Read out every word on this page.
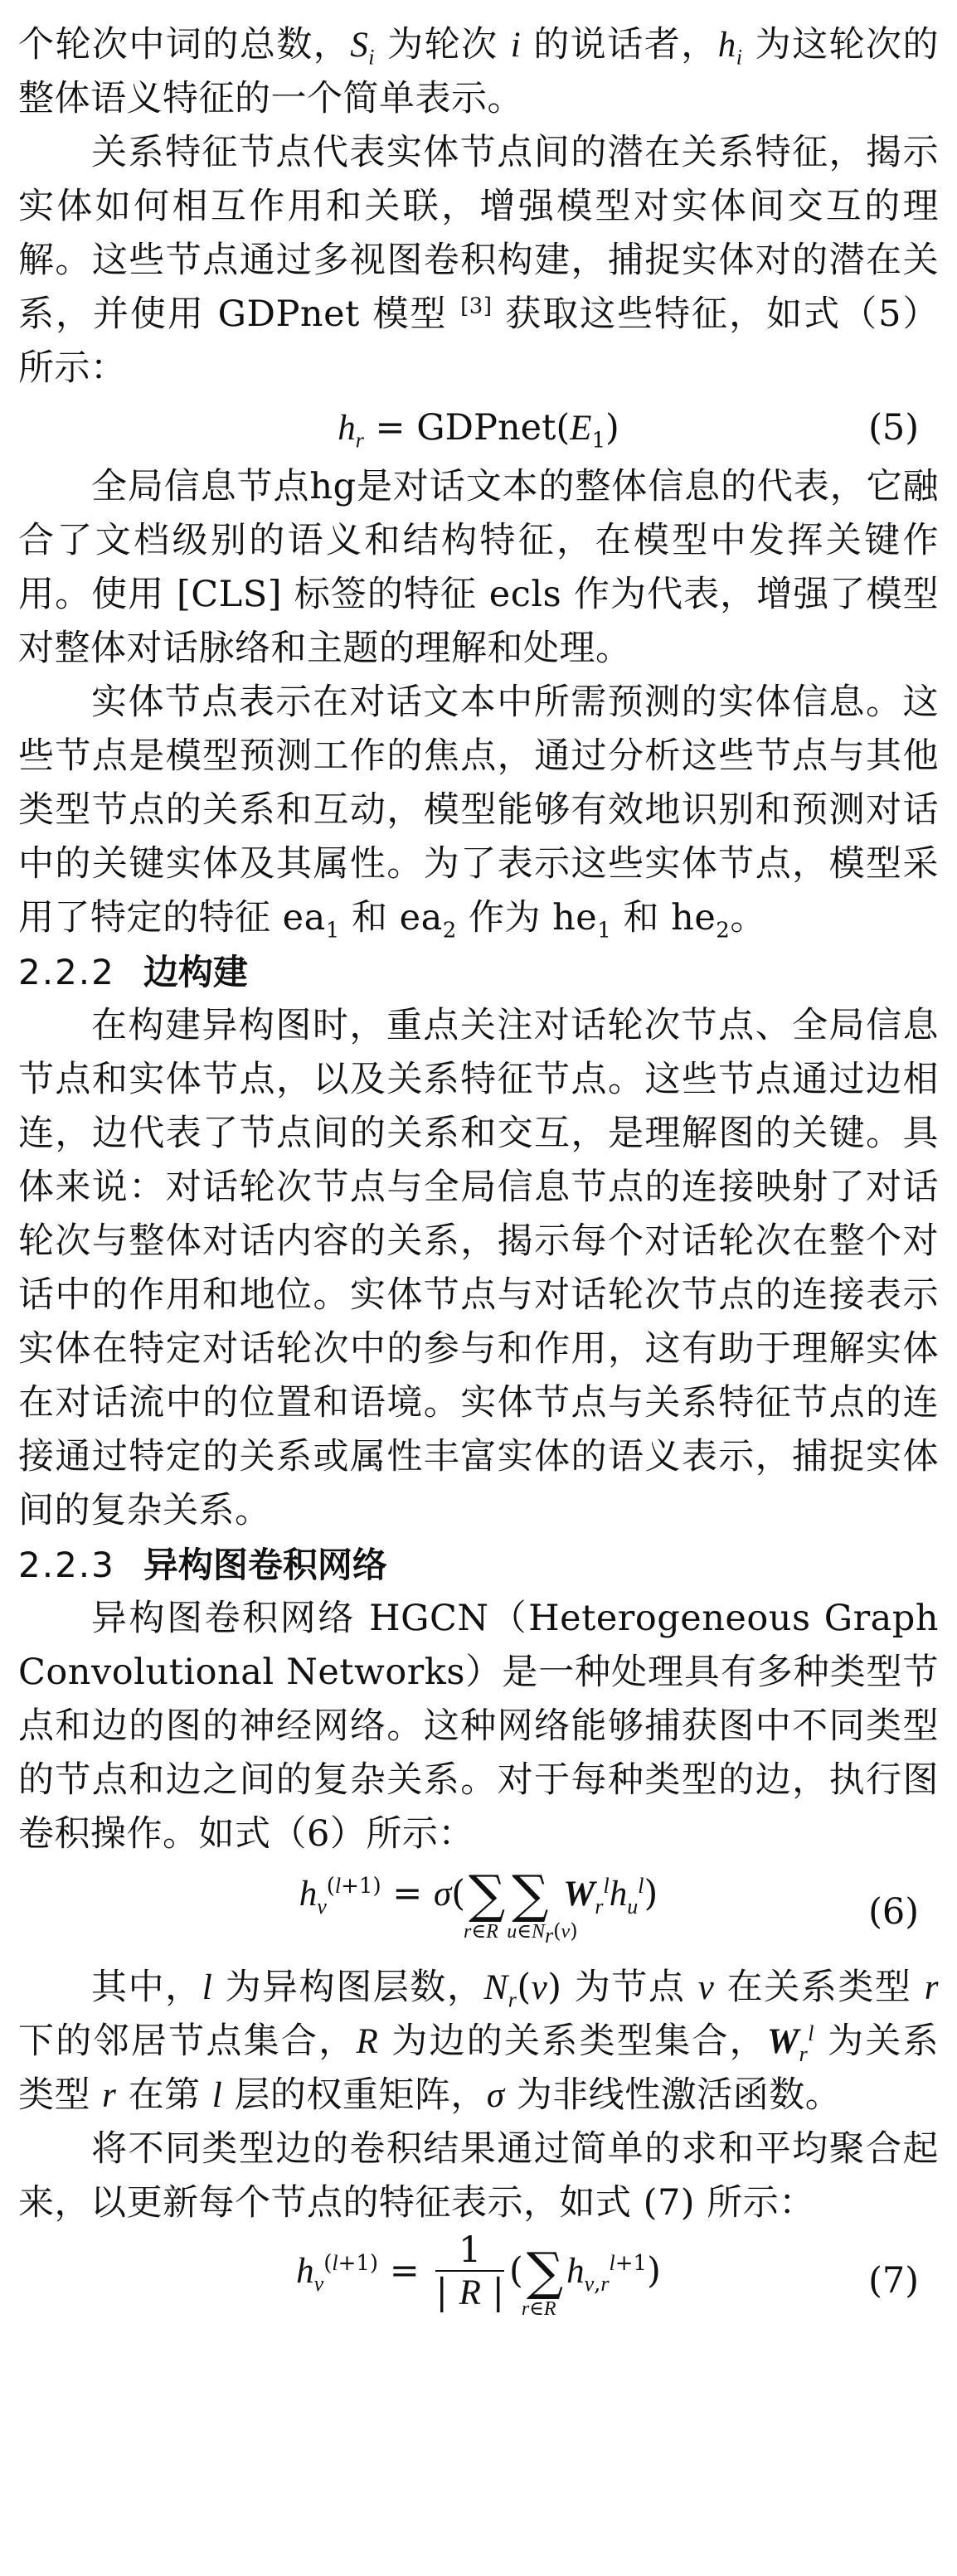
个轮次中词的总数，$S_i$ 为轮次 i 的说话者，$h_i$ 为这轮次的整体语义特征的一个简单表示。

关系特征节点代表实体节点间的潜在关系特征，揭示实体如何相互作用和关联，增强模型对实体间交互的理解。这些节点通过多视图卷积构建，捕捉实体对的潜在关系，并使用 GDPnet 模型 [3] 获取这些特征，如式（5）所示：

$h_r$ = $GDPnet(E_1)$	(5)

全局信息节点hg是对话文本的整体信息的代表，它融合了文档级别的语义和结构特征，在模型中发挥关键作用。使用 [CLS] 标签的特征 ecls 作为代表，增强了模型对整体对话脉络和主题的理解和处理。

实体节点表示在对话文本中所需预测的实体信息。这些节点是模型预测工作的焦点，通过分析这些节点与其他类型节点的关系和互动，模型能够有效地识别和预测对话中的关键实体及其属性。为了表示这些实体节点，模型采用了特定的特征 $ea_1$ 和 $ea_2$ 作为 $he_1$ 和 $he_2$。

2.2.2 边构建

在构建异构图时，重点关注对话轮次节点、全局信息节点和实体节点，以及关系特征节点。这些节点通过边相连，边代表了节点间的关系和交互，是理解图的关键。具体来说：对话轮次节点与全局信息节点的连接映射了对话轮次与整体对话内容的关系，揭示每个对话轮次在整个对话中的作用和地位。实体节点与对话轮次节点的连接表示实体在特定对话轮次中的参与和作用，这有助于理解实体在对话流中的位置和语境。实体节点与关系特征节点的连接通过特定的关系或属性丰富实体的语义表示，捕捉实体间的复杂关系。

2.2.3 异构图卷积网络

异构图卷积网络 HGCN（Heterogeneous Graph Convolutional Networks）是一种处理具有多种类型节点和边的图的神经网络。这种网络能够捕获图中不同类型的节点和边之间的复杂关系。对于每种类型的边，执行图卷积操作。如式（6）所示：

$h_v^{(l+1)} = \sigma(\sum$
r∈R
∑
$u\in N_r(v)$
$W_r^lh_u^l$)	(6)

其中，l 为异构图层数，$N_r(v)$ 为节点 v 在关系类型 r 下的邻居节点集合，R 为边的关系类型集合，$W_r^l$ 为关系类型 r 在第 l 层的权重矩阵，σ 为非线性激活函数。

将不同类型边的卷积结果通过简单的求和平均聚合起来，以更新每个节点的特征表示，如式 (7) 所示：

$h_v^{(l+1)} = \frac{1}{| R |}$ (∑
r∈R
$h_{v,r}^{l+1}$)	(7)
